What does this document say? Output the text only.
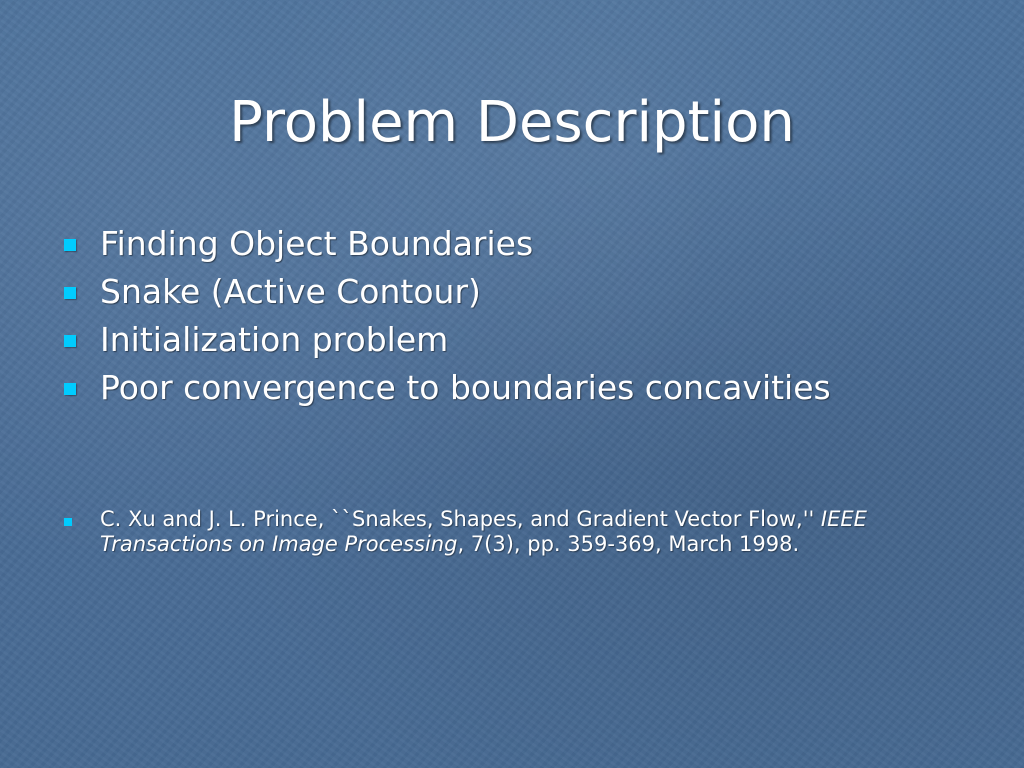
Problem Description
Finding Object Boundaries
Snake (Active Contour)
Initialization problem
Poor convergence to boundaries concavities
C. Xu and J. L. Prince, ``Snakes, Shapes, and Gradient Vector Flow,'' IEEE Transactions on Image Processing, 7(3), pp. 359-369, March 1998.
